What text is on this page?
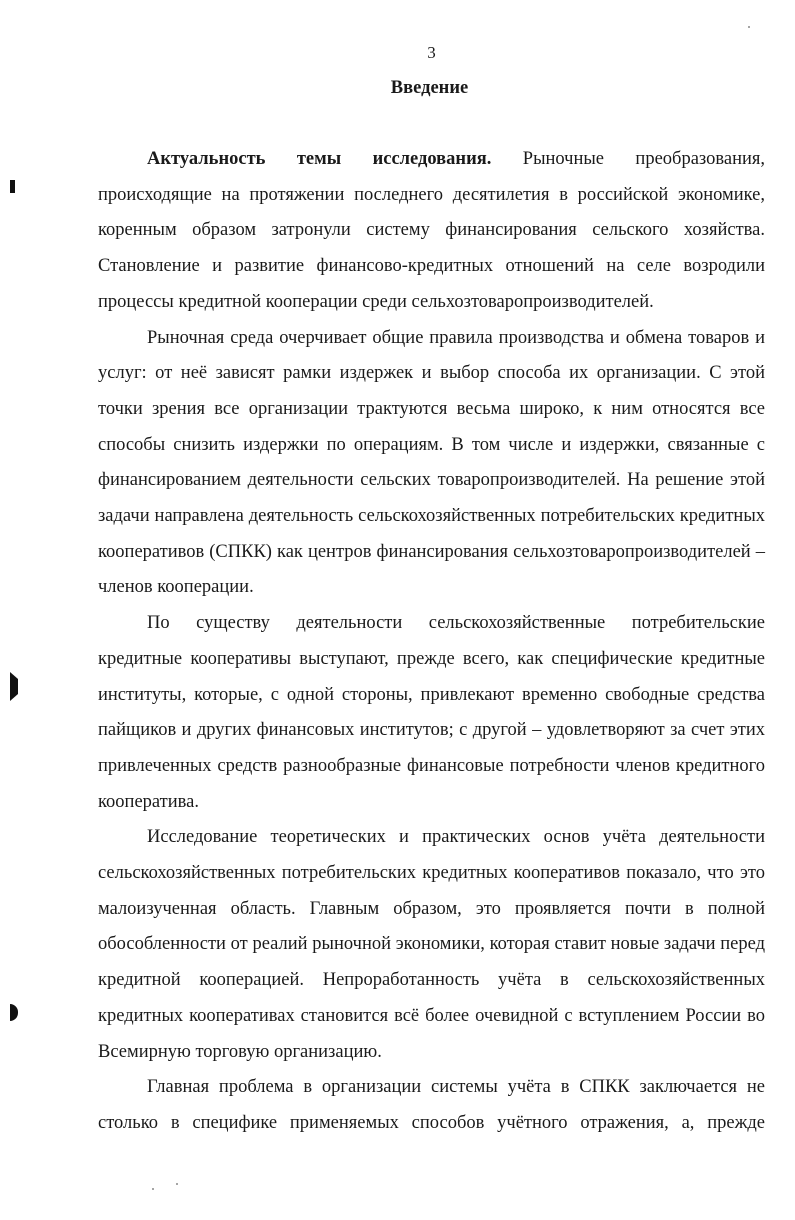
3
Введение

Актуальность темы исследования. Рыночные преобразования, происходящие на протяжении последнего десятилетия в российской экономике, коренным образом затронули систему финансирования сельского хозяйства. Становление и развитие финансово-кредитных отношений на селе возродили процессы кредитной кооперации среди сельхозтоваропроизводителей.

Рыночная среда очерчивает общие правила производства и обмена товаров и услуг: от неё зависят рамки издержек и выбор способа их организации. С этой точки зрения все организации трактуются весьма широко, к ним относятся все способы снизить издержки по операциям. В том числе и издержки, связанные с финансированием деятельности сельских товаропроизводителей. На решение этой задачи направлена деятельность сельскохозяйственных потребительских кредитных кооперативов (СПКК) как центров финансирования сельхозтоваропроизводителей – членов кооперации.

По существу деятельности сельскохозяйственные потребительские кредитные кооперативы выступают, прежде всего, как специфические кредитные институты, которые, с одной стороны, привлекают временно свободные средства пайщиков и других финансовых институтов; с другой – удовлетворяют за счет этих привлеченных средств разнообразные финансовые потребности членов кредитного кооператива.

Исследование теоретических и практических основ учёта деятельности сельскохозяйственных потребительских кредитных кооперативов показало, что это малоизученная область. Главным образом, это проявляется почти в полной обособленности от реалий рыночной экономики, которая ставит новые задачи перед кредитной кооперацией. Непроработанность учёта в сельскохозяйственных кредитных кооперативах становится всё более очевидной с вступлением России во Всемирную торговую организацию.

Главная проблема в организации системы учёта в СПКК заключается не столько в специфике применяемых способов учётного отражения, а, прежде
